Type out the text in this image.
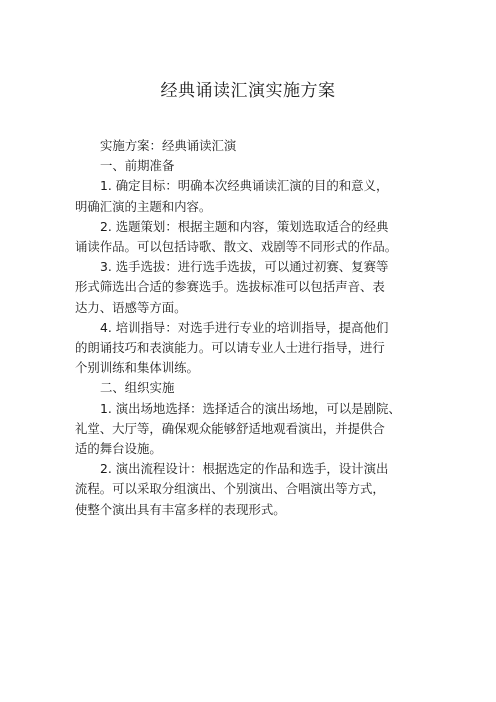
经典诵读汇演实施方案
实施方案：经典诵读汇演
一、前期准备
1. 确定目标：明确本次经典诵读汇演的目的和意义，
明确汇演的主题和内容。
2. 选题策划：根据主题和内容，策划选取适合的经典
诵读作品。可以包括诗歌、散文、戏剧等不同形式的作品。
3. 选手选拔：进行选手选拔，可以通过初赛、复赛等
形式筛选出合适的参赛选手。选拔标准可以包括声音、表
达力、语感等方面。
4. 培训指导：对选手进行专业的培训指导，提高他们
的朗诵技巧和表演能力。可以请专业人士进行指导，进行
个别训练和集体训练。
二、组织实施
1. 演出场地选择：选择适合的演出场地，可以是剧院、
礼堂、大厅等，确保观众能够舒适地观看演出，并提供合
适的舞台设施。
2. 演出流程设计：根据选定的作品和选手，设计演出
流程。可以采取分组演出、个别演出、合唱演出等方式，
使整个演出具有丰富多样的表现形式。
